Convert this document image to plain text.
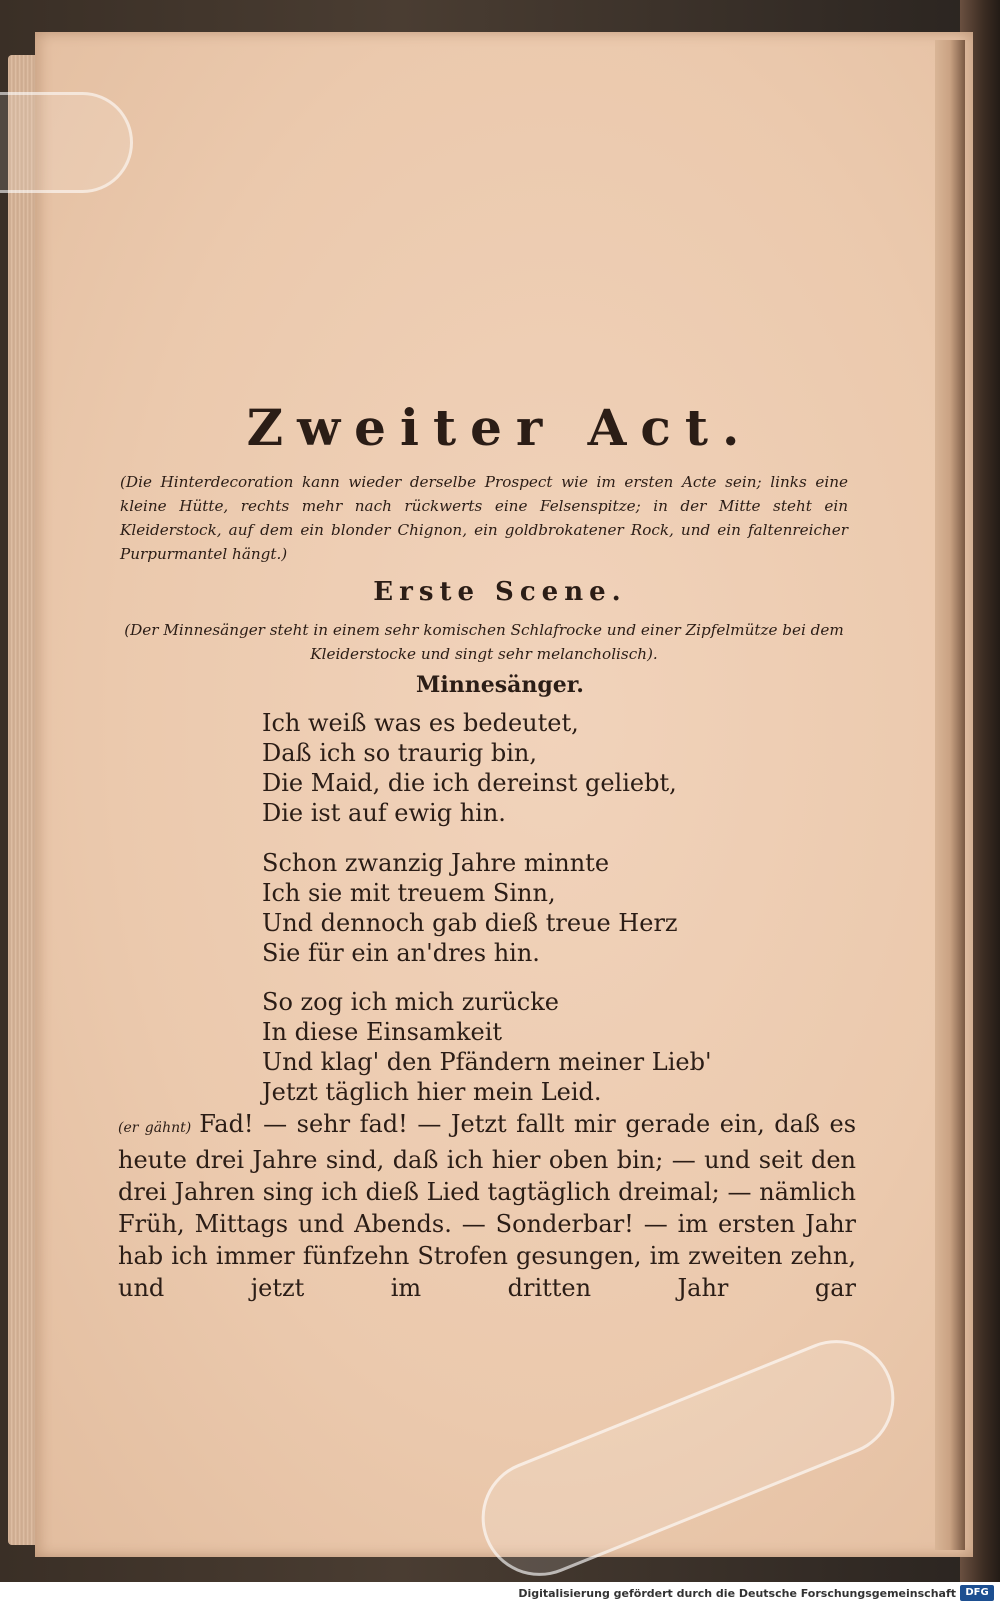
Zweiter Act.
(Die Hinterdecoration kann wieder derselbe Prospect wie im ersten Acte sein; links eine kleine Hütte, rechts mehr nach rückwerts eine Felsenspitze; in der Mitte steht ein Kleiderstock, auf dem ein blonder Chignon, ein goldbrokatener Rock, und ein faltenreicher Purpurmantel hängt.)
Erste Scene.
(Der Minnesänger steht in einem sehr komischen Schlafrocke und einer Zipfelmütze bei dem Kleiderstocke und singt sehr melancholisch).
Minnesänger.
Ich weiß was es bedeutet,
Daß ich so traurig bin,
Die Maid, die ich dereinst geliebt,
Die ist auf ewig hin.
Schon zwanzig Jahre minnte
Ich sie mit treuem Sinn,
Und dennoch gab dieß treue Herz
Sie für ein an'dres hin.
So zog ich mich zurücke
In diese Einsamkeit
Und klag' den Pfändern meiner Lieb'
Jetzt täglich hier mein Leid.
(er gähnt) Fad! — sehr fad! — Jetzt fallt mir gerade ein, daß es heute drei Jahre sind, daß ich hier oben bin; — und seit den drei Jahren sing ich dieß Lied tagtäglich dreimal; — nämlich Früh, Mittags und Abends. — Sonderbar! — im ersten Jahr hab ich immer fünfzehn Strofen gesungen, im zweiten zehn, und jetzt im dritten Jahr gar
Digitalisierung gefördert durch die Deutsche Forschungsgemeinschaft DFG
